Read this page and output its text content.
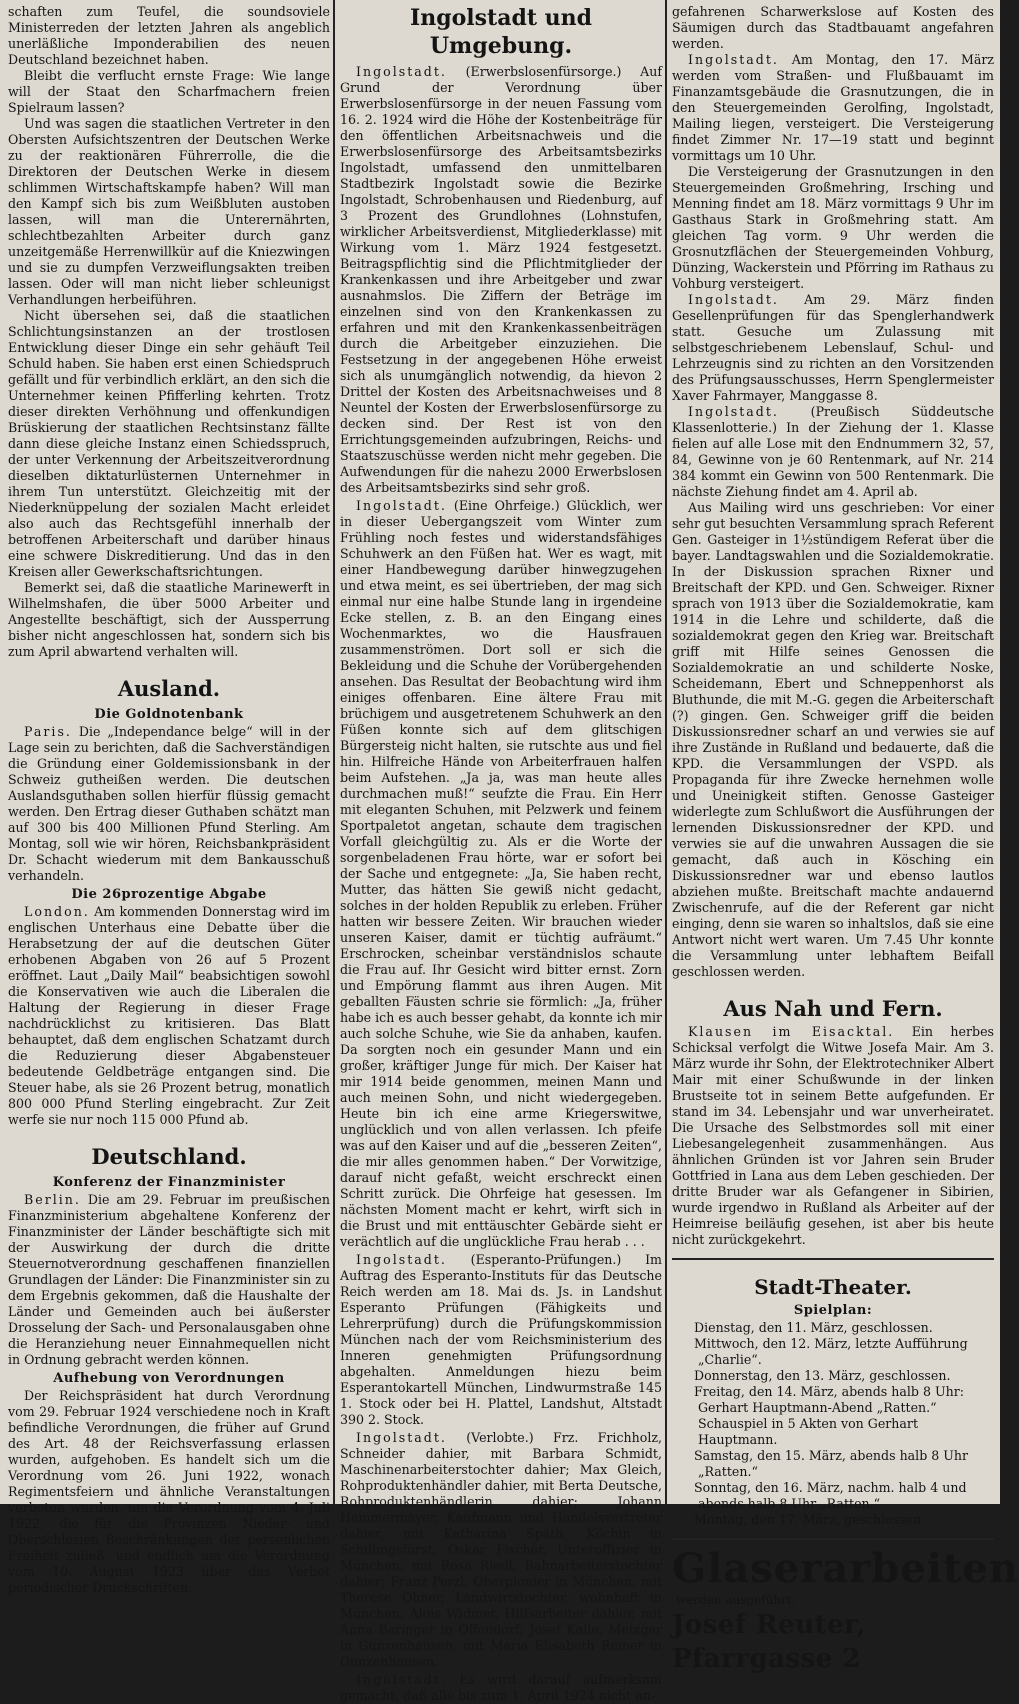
schaften zum Teufel, die soundsoviele Ministerreden der letzten Jahren als angeblich unerläßliche Imponderabilien des neuen Deutschland bezeichnet haben.

Bleibt die verflucht ernste Frage: Wie lange will der Staat den Scharfmachern freien Spielraum lassen?

Und was sagen die staatlichen Vertreter in den Obersten Aufsichtszentren der Deutschen Werke zu der reaktionären Führerrolle, die die Direktoren der Deutschen Werke in diesem schlimmen Wirtschaftskampfe haben? Will man den Kampf sich bis zum Weißbluten austoben lassen, will man die Unterernährten, schlechtbezahlten Arbeiter durch ganz unzeitgemäße Herrenwillkür auf die Kniezwingen und sie zu dumpfen Verzweiflungsakten treiben lassen. Oder will man nicht lieber schleunigst Verhandlungen herbeiführen.

Nicht übersehen sei, daß die staatlichen Schlichtungsinstanzen an der trostlosen Entwicklung dieser Dinge ein sehr gehäuft Teil Schuld haben. Sie haben erst einen Schiedspruch gefällt und für verbindlich erklärt, an den sich die Unternehmer keinen Pfifferling kehrten. Trotz dieser direkten Verhöhnung und offenkundigen Brüskierung der staatlichen Rechtsinstanz fällte dann diese gleiche Instanz einen Schiedsspruch, der unter Verkennung der Arbeitszeitverordnung dieselben diktaturlüsternen Unternehmer in ihrem Tun unterstützt. Gleichzeitig mit der Niederknüppelung der sozialen Macht erleidet also auch das Rechtsgefühl innerhalb der betroffenen Arbeiterschaft und darüber hinaus eine schwere Diskreditierung. Und das in den Kreisen aller Gewerkschaftsrichtungen.

Bemerkt sei, daß die staatliche Marinewerft in Wilhelmshafen, die über 5000 Arbeiter und Angestellte beschäftigt, sich der Aussperrung bisher nicht angeschlossen hat, sondern sich bis zum April abwartend verhalten will.

Ausland.
Die Goldnotenbank

Paris. Die „Independance belge“ will in der Lage sein zu berichten, daß die Sachverständigen die Gründung einer Goldemissionsbank in der Schweiz gutheißen werden. Die deutschen Auslandsguthaben sollen hierfür flüssig gemacht werden. Den Ertrag dieser Guthaben schätzt man auf 300 bis 400 Millionen Pfund Sterling. Am Montag, soll wie wir hören, Reichsbankpräsident Dr. Schacht wiederum mit dem Bankausschuß verhandeln.

Die 26prozentige Abgabe

London. Am kommenden Donnerstag wird im englischen Unterhaus eine Debatte über die Herabsetzung der auf die deutschen Güter erhobenen Abgaben von 26 auf 5 Prozent eröffnet. Laut „Daily Mail“ beabsichtigen sowohl die Konservativen wie auch die Liberalen die Haltung der Regierung in dieser Frage nachdrücklichst zu kritisieren. Das Blatt behauptet, daß dem englischen Schatzamt durch die Reduzierung dieser Abgabensteuer bedeutende Geldbeträge entgangen sind. Die Steuer habe, als sie 26 Prozent betrug, monatlich 800 000 Pfund Sterling eingebracht. Zur Zeit werfe sie nur noch 115 000 Pfund ab.

Deutschland.
Konferenz der Finanzminister

Berlin. Die am 29. Februar im preußischen Finanzministerium abgehaltene Konferenz der Finanzminister der Länder beschäftigte sich mit der Auswirkung der durch die dritte Steuernotverordnung geschaffenen finanziellen Grundlagen der Länder: Die Finanzminister sin zu dem Ergebnis gekommen, daß die Haushalte der Länder und Gemeinden auch bei äußerster Drosselung der Sach- und Personalausgaben ohne die Heranziehung neuer Einnahmequellen nicht in Ordnung gebracht werden können.

Aufhebung von Verordnungen

Der Reichspräsident hat durch Verordnung vom 29. Februar 1924 verschiedene noch in Kraft befindliche Verordnungen, die früher auf Grund des Art. 48 der Reichsverfassung erlassen wurden, aufgehoben. Es handelt sich um die Verordnung vom 26. Juni 1922, wonach Regimentsfeiern und ähnliche Veranstaltungen verboten wurden, um die Verordnung vom 4. Juli 1922, die für die Provinzen Nieder- und Oberschlesien Beschränkungen der persönlichen Freiheit zuließ, und endlich um die Verordnung vom 10. August 1923 über das Verbot periodischer Druckschriften.

Ingolstadt und Umgebung.

Ingolstadt. (Erwerbslosenfürsorge.) Auf Grund der Verordnung über Erwerbslosenfürsorge in der neuen Fassung vom 16. 2. 1924 wird die Höhe der Kostenbeiträge für den öffentlichen Arbeitsnachweis und die Erwerbslosenfürsorge des Arbeitsamtsbezirks Ingolstadt, umfassend den unmittelbaren Stadtbezirk Ingolstadt sowie die Bezirke Ingolstadt, Schrobenhausen und Riedenburg, auf 3 Prozent des Grundlohnes (Lohnstufen, wirklicher Arbeitsverdienst, Mitgliederklasse) mit Wirkung vom 1. März 1924 festgesetzt. Beitragspflichtig sind die Pflichtmitglieder der Krankenkassen und ihre Arbeitgeber und zwar ausnahmslos. Die Ziffern der Beträge im einzelnen sind von den Krankenkassen zu erfahren und mit den Krankenkassenbeiträgen durch die Arbeitgeber einzuziehen. Die Festsetzung in der angegebenen Höhe erweist sich als unumgänglich notwendig, da hievon 2 Drittel der Kosten des Arbeitsnachweises und 8 Neuntel der Kosten der Erwerbslosenfürsorge zu decken sind. Der Rest ist von den Errichtungsgemeinden aufzubringen, Reichs- und Staatszuschüsse werden nicht mehr gegeben. Die Aufwendungen für die nahezu 2000 Erwerbslosen des Arbeitsamtsbezirks sind sehr groß.

Ingolstadt. (Eine Ohrfeige.) Glücklich, wer in dieser Uebergangszeit vom Winter zum Frühling noch festes und widerstandsfähiges Schuhwerk an den Füßen hat. Wer es wagt, mit einer Handbewegung darüber hinwegzugehen und etwa meint, es sei übertrieben, der mag sich einmal nur eine halbe Stunde lang in irgendeine Ecke stellen, z. B. an den Eingang eines Wochenmarktes, wo die Hausfrauen zusammenströmen. Dort soll er sich die Bekleidung und die Schuhe der Vorübergehenden ansehen. Das Resultat der Beobachtung wird ihm einiges offenbaren. Eine ältere Frau mit brüchigem und ausgetretenem Schuhwerk an den Füßen konnte sich auf dem glitschigen Bürgersteig nicht halten, sie rutschte aus und fiel hin. Hilfreiche Hände von Arbeiterfrauen halfen beim Aufstehen. „Ja ja, was man heute alles durchmachen muß!“ seufzte die Frau. Ein Herr mit eleganten Schuhen, mit Pelzwerk und feinem Sportpaletot angetan, schaute dem tragischen Vorfall gleichgültig zu. Als er die Worte der sorgenbeladenen Frau hörte, war er sofort bei der Sache und entgegnete: „Ja, Sie haben recht, Mutter, das hätten Sie gewiß nicht gedacht, solches in der holden Republik zu erleben. Früher hatten wir bessere Zeiten. Wir brauchen wieder unseren Kaiser, damit er tüchtig aufräumt.“ Erschrocken, scheinbar verständnislos schaute die Frau auf. Ihr Gesicht wird bitter ernst. Zorn und Empörung flammt aus ihren Augen. Mit geballten Fäusten schrie sie förmlich: „Ja, früher habe ich es auch besser gehabt, da konnte ich mir auch solche Schuhe, wie Sie da anhaben, kaufen. Da sorgten noch ein gesunder Mann und ein großer, kräftiger Junge für mich. Der Kaiser hat mir 1914 beide genommen, meinen Mann und auch meinen Sohn, und nicht wiedergegeben. Heute bin ich eine arme Kriegerswitwe, unglücklich und von allen verlassen. Ich pfeife was auf den Kaiser und auf die „besseren Zeiten“, die mir alles genommen haben.“ Der Vorwitzige, darauf nicht gefaßt, weicht erschreckt einen Schritt zurück. Die Ohrfeige hat gesessen. Im nächsten Moment macht er kehrt, wirft sich in die Brust und mit enttäuschter Gebärde sieht er verächtlich auf die unglückliche Frau herab . . .

Ingolstadt. (Esperanto-Prüfungen.) Im Auftrag des Esperanto-Instituts für das Deutsche Reich werden am 18. Mai ds. Js. in Landshut Esperanto Prüfungen (Fähigkeits und Lehrerprüfung) durch die Prüfungskommission München nach der vom Reichsministerium des Inneren genehmigten Prüfungsordnung abgehalten. Anmeldungen hiezu beim Esperantokartell München, Lindwurmstraße 145 1. Stock oder bei H. Plattel, Landshut, Altstadt 390 2. Stock.

Ingolstadt. (Verlobte.) Frz. Frichholz, Schneider dahier, mit Barbara Schmidt, Maschinenarbeiterstochter dahier; Max Gleich, Rohproduktenhändler dahier, mit Berta Deutsche, Rohproduktenhändlerin dahier; Johann Hammermayer, Kaufmann und Handelsvertreter dahier, mit Katharina Späth, Köchin in Schillingsfürst; Oskar Fischer, Unteroffizier in München, mit Rosa Riedl, Bahnarbeiterstochter dahier; Franz Perzl, Oberpionier in München, mit Therese Ohner, Landwirtstochter, wohnhaft in München; Alois Widmer, Hilfsarbeiter dahier, mit Anna Baringer in Offendorf; Josef Kaile, Metzger in Gunzenhausen, mit Maria Elisabeth Reiner in Gunzenhausen.

Ingolstadt. Es wird darauf aufmerksam gemacht, daß alle bis zum 1. April 1924 nicht an-

gefahrenen Scharwerkslose auf Kosten des Säumigen durch das Stadtbauamt angefahren werden.

Ingolstadt. Am Montag, den 17. März werden vom Straßen- und Flußbauamt im Finanzamtsgebäude die Grasnutzungen, die in den Steuergemeinden Gerolfing, Ingolstadt, Mailing liegen, versteigert. Die Versteigerung findet Zimmer Nr. 17—19 statt und beginnt vormittags um 10 Uhr.

Die Versteigerung der Grasnutzungen in den Steuergemeinden Großmehring, Irsching und Menning findet am 18. März vormittags 9 Uhr im Gasthaus Stark in Großmehring statt. Am gleichen Tag vorm. 9 Uhr werden die Grosnutzflächen der Steuergemeinden Vohburg, Dünzing, Wackerstein und Pförring im Rathaus zu Vohburg versteigert.

Ingolstadt. Am 29. März finden Gesellenprüfungen für das Spenglerhandwerk statt. Gesuche um Zulassung mit selbstgeschriebenem Lebenslauf, Schul- und Lehrzeugnis sind zu richten an den Vorsitzenden des Prüfungsausschusses, Herrn Spenglermeister Xaver Fahrmayer, Manggasse 8.

Ingolstadt.	(Preußisch Süddeutsche Klassenlotterie.) In der Ziehung der 1. Klasse fielen auf alle Lose mit den Endnummern 32, 57, 84, Gewinne von je 60 Rentenmark, auf Nr. 214 384 kommt ein Gewinn von 500 Rentenmark. Die nächste Ziehung findet am 4. April ab.

Aus Mailing wird uns geschrieben: Vor einer sehr gut besuchten Versammlung sprach Referent Gen. Gasteiger in 1½stündigem Referat über die bayer. Landtagswahlen und die Sozialdemokratie. In der Diskussion sprachen Rixner und Breitschaft der KPD. und Gen. Schweiger. Rixner sprach von 1913 über die Sozialdemokratie, kam 1914 in die Lehre und schilderte, daß die sozialdemokrat gegen den Krieg war. Breitschaft griff mit Hilfe seines Genossen die Sozialdemokratie an und schilderte Noske, Scheidemann, Ebert und Schneppenhorst als Bluthunde, die mit M.-G. gegen die Arbeiterschaft (?) gingen. Gen. Schweiger griff die beiden Diskussionsredner scharf an und verwies sie auf ihre Zustände in Rußland und bedauerte, daß die KPD. die Versammlungen der VSPD. als Propaganda für ihre Zwecke hernehmen wolle und Uneinigkeit stiften. Genosse Gasteiger widerlegte zum Schlußwort die Ausführungen der lernenden Diskussionsredner der KPD. und verwies sie auf die unwahren Aussagen die sie gemacht, daß auch in Kösching ein Diskussionsredner war und ebenso lautlos abziehen mußte. Breitschaft machte andauernd Zwischenrufe, auf die der Referent gar nicht einging, denn sie waren so inhaltslos, daß sie eine Antwort nicht wert waren. Um 7.45 Uhr konnte die Versammlung unter lebhaftem Beifall geschlossen werden.

Aus Nah und Fern.

Klausen im Eisacktal. Ein herbes Schicksal verfolgt die Witwe Josefa Mair. Am 3. März wurde ihr Sohn, der Elektrotechniker Albert Mair mit einer Schußwunde in der linken Brustseite tot in seinem Bette aufgefunden. Er stand im 34. Lebensjahr und war unverheiratet. Die Ursache des Selbstmordes soll mit einer Liebesangelegenheit zusammenhängen. Aus ähnlichen Gründen ist vor Jahren sein Bruder Gottfried in Lana aus dem Leben geschieden. Der dritte Bruder war als Gefangener in Sibirien, wurde irgendwo in Rußland als Arbeiter auf der Heimreise beiläufig gesehen, ist aber bis heute nicht zurückgekehrt.

Stadt-Theater.
Spielplan:

Dienstag, den 11. März, geschlossen.

Mittwoch, den 12. März, letzte Aufführung „Charlie“.

Donnerstag, den 13. März, geschlossen.

Freitag, den 14. März, abends halb 8 Uhr: Gerhart Hauptmann-Abend „Ratten.“ Schauspiel in 5 Akten von Gerhart Hauptmann.

Samstag, den 15. März, abends halb 8 Uhr „Ratten.“

Sonntag, den 16. März, nachm. halb 4 und abends halb 8 Uhr „Ratten.“

Montag, den 17. März, geschlossen.

Glaserarbeiten
werden ausgeführt.
Josef Reuter, Pfarrgasse 2
